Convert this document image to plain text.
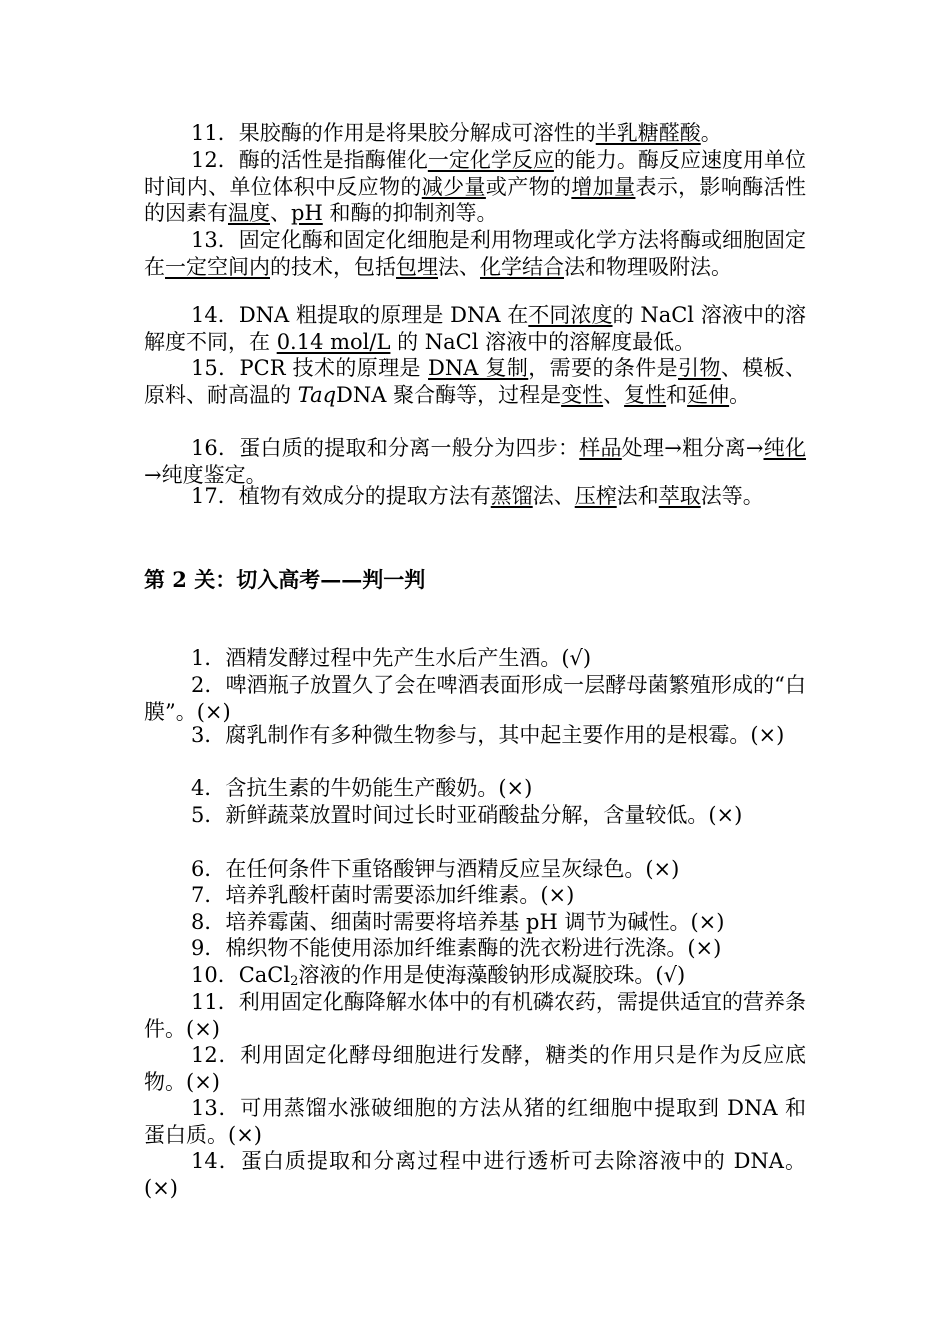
11．果胶酶的作用是将果胶分解成可溶性的半乳糖醛酸。

12．酶的活性是指酶催化一定化学反应的能力。酶反应速度用单位时间内、单位体积中反应物的减少量或产物的增加量表示，影响酶活性的因素有温度、pH 和酶的抑制剂等。

13．固定化酶和固定化细胞是利用物理或化学方法将酶或细胞固定在一定空间内的技术，包括包埋法、化学结合法和物理吸附法。

14．DNA 粗提取的原理是 DNA 在不同浓度的 NaCl 溶液中的溶解度不同，在 0.14 mol/L 的 NaCl 溶液中的溶解度最低。

15．PCR 技术的原理是 DNA 复制，需要的条件是引物、模板、原料、耐高温的 TaqDNA 聚合酶等，过程是变性、复性和延伸。

16．蛋白质的提取和分离一般分为四步：样品处理→粗分离→纯化→纯度鉴定。

17．植物有效成分的提取方法有蒸馏法、压榨法和萃取法等。

第 2 关：切入高考——判一判

1．酒精发酵过程中先产生水后产生酒。(√)

2．啤酒瓶子放置久了会在啤酒表面形成一层酵母菌繁殖形成的“白膜”。(×)

3．腐乳制作有多种微生物参与，其中起主要作用的是根霉。(×)

4．含抗生素的牛奶能生产酸奶。(×)

5．新鲜蔬菜放置时间过长时亚硝酸盐分解，含量较低。(×)

6．在任何条件下重铬酸钾与酒精反应呈灰绿色。(×)

7．培养乳酸杆菌时需要添加纤维素。(×)

8．培养霉菌、细菌时需要将培养基 pH 调节为碱性。(×)

9．棉织物不能使用添加纤维素酶的洗衣粉进行洗涤。(×)

10．CaCl$_2$溶液的作用是使海藻酸钠形成凝胶珠。(√)

11．利用固定化酶降解水体中的有机磷农药，需提供适宜的营养条件。(×)

12．利用固定化酵母细胞进行发酵，糖类的作用只是作为反应底物。(×)

13．可用蒸馏水涨破细胞的方法从猪的红细胞中提取到 DNA 和蛋白质。(×)

14．蛋白质提取和分离过程中进行透析可去除溶液中的 DNA。(×)
